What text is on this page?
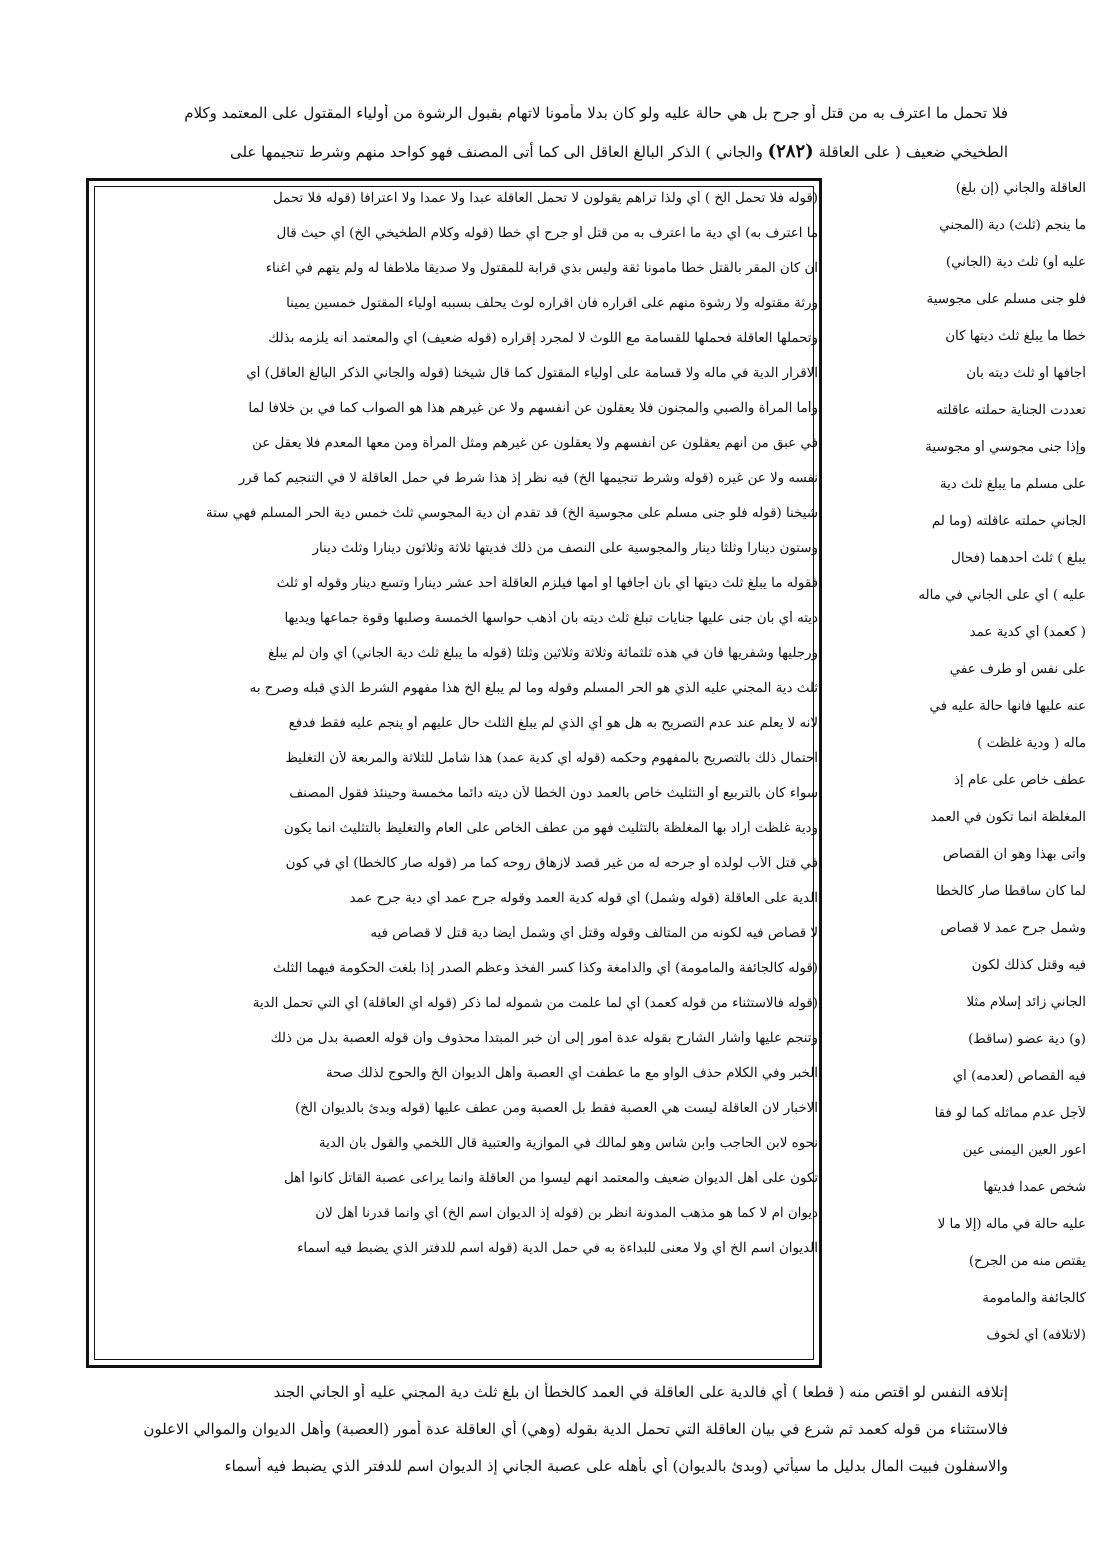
فلا تحمل ما اعترف به من قتل أو جرح بل هي حالة عليه ولو كان بدلا مأمونا لاتهام بقبول الرشوة من أولياء المقتول على المعتمد وكلام
الطخيخي ضعيف ( على العاقلة (٢٨٢) والجاني ) الذكر البالغ العاقل الى كما أتى المصنف فهو كواحد منهم وشرط تنجيمها على
(قوله فلا تحمل الخ ) أي ولذا تراهم يقولون لا تحمل العاقلة عبدا ولا عمدا ولا اعترافا (قوله فلا تحمل
ما اعترف به) أي دية ما اعترف به من قتل أو جرح أي خطأ (قوله وكلام الطخيخي الخ) أي حيث قال
ان كان المقر بالقتل خطأ مأمونا ثقة وليس بذي قرابة للمقتول ولا صديقا ملاطفا له ولم يتهم في اغناء
ورثة مقتوله ولا رشوة منهم على اقراره فان اقراره لوث يحلف بسببه أولياء المقتول خمسين يمينا
وتحملها العاقلة فحملها للقسامة مع اللوث لا لمجرد إقراره (قوله ضعيف) أي والمعتمد أنه يلزمه بذلك
الاقرار الدية في ماله ولا قسامة على أولياء المقتول كما قال شيخنا (قوله والجاني الذكر البالغ العاقل) أي
وأما المرأة والصبي والمجنون فلا يعقلون عن أنفسهم ولا عن غيرهم هذا هو الصواب كما في بن خلافا لما
في عبق من أنهم يعقلون عن أنفسهم ولا يعقلون عن غيرهم ومثل المرأة ومن معها المعدم فلا يعقل عن
نفسه ولا عن غيره (قوله وشرط تنجيمها الخ) فيه نظر إذ هذا شرط في حمل العاقلة لا في التنجيم كما قرر
شيخنا (قوله فلو جنى مسلم على مجوسية الخ) قد تقدم أن دية المجوسي ثلث خمس دية الحر المسلم فهي ستة
وستون دينارا وثلثا دينار والمجوسية على النصف من ذلك فديتها ثلاثة وثلاثون دينارا وثلث دينار
فقوله ما يبلغ ثلث ديتها أي بأن أجافها أو أمها فيلزم العاقلة أحد عشر دينارا وتسع دينار وقوله أو ثلث
ديته أي بأن جنى عليها جنايات تبلغ ثلث ديته بان أذهب حواسها الخمسة وصلبها وقوة جماعها ويديها
ورجليها وشفريها فان في هذه ثلثمائة وثلاثة وثلاثين وثلثا (قوله ما يبلغ ثلث دية الجاني) أي وان لم يبلغ
ثلث دية المجني عليه الذي هو الحر المسلم وقوله وما لم يبلغ الخ هذا مفهوم الشرط الذي قبله وصرح به
لانه لا يعلم عند عدم التصريح به هل هو أي الذي لم يبلغ الثلث حال عليهم أو ينجم عليه فقط فدفع
احتمال ذلك بالتصريح بالمفهوم وحكمه (قوله أي كدية عمد) هذا شامل للثلاثة والمربعة لأن التغليظ
سواء كان بالتربيع أو التثليث خاص بالعمد دون الخطأ لأن ديته دائما مخمسة وحينئذ فقول المصنف
ودية غلظت أراد بها المغلظة بالتثليث فهو من عطف الخاص على العام والتغليظ بالتثليث انما يكون
في قتل الأب لولده أو جرحه له من غير قصد لازهاق روحه كما مر (قوله صار كالخطأ) أي في كون
الدية على العاقلة (قوله وشمل) أي قوله كدية العمد وقوله جرح عمد أي دية جرح عمد
لا قصاص فيه لكونه من المتالف وقوله وقتل أي وشمل أيضا دية قتل لا قصاص فيه
(قوله كالجائفة والمأمومة) أي والدامغة وكذا كسر الفخذ وعظم الصدر إذا بلغت الحكومة فيهما الثلث
(قوله فالاستثناء من قوله كعمد) أي لما علمت من شموله لما ذكر (قوله أي العاقلة) أي التي تحمل الدية
وتنجم عليها وأشار الشارح بقوله عدة أمور إلى أن خبر المبتدأ محذوف وأن قوله العصبة بدل من ذلك
الخبر وفي الكلام حذف الواو مع ما عطفت أي العصبة وأهل الديوان الخ والحوج لذلك صحة
الاخبار لان العاقلة ليست هي العصبة فقط بل العصبة ومن عطف عليها (قوله وبدئ بالديوان الخ)
نحوه لابن الحاجب وابن شاس وهو لمالك في الموازية والعتبية قال اللخمي والقول بان الدية
تكون على أهل الديوان ضعيف والمعتمد انهم ليسوا من العاقلة وانما يراعى عصبة القاتل كانوا أهل
ديوان ام لا كما هو مذهب المدونة انظر بن (قوله إذ الديوان اسم الخ) أي وانما قدرنا أهل لان
الديوان اسم الخ أي ولا معنى للبداءة به في حمل الدية (قوله اسم للدفتر الذي يضبط فيه أسماء
العاقلة والجاني (إن بلغ)
ما ينجم (ثلث) دية (المجني
عليه أو) ثلث دية (الجاني)
فلو جنى مسلم على مجوسية
خطأ ما يبلغ ثلث ديتها كأن
أجافها أو ثلث ديته بأن
تعددت الجناية حملته عاقلته
وإذا جنى مجوسي أو مجوسية
على مسلم ما يبلغ ثلث دية
الجاني حملته عاقلته (وما لم
يبلغ ) ثلث أحدهما (فحال
عليه ) أي على الجاني في ماله
( كعمد) أي كدية عمد
على نفس أو طرف عفي
عنه عليها فانها حالة عليه في
ماله ( ودية غلظت )
عطف خاص على عام إذ
المغلظة انما تكون في العمد
وأتى بهذا وهو ان القصاص
لما كان ساقطا صار كالخطأ
وشمل جرح عمد لا قصاص
فيه وقتل كذلك لكون
الجاني زائد إسلام مثلا
(و) دية عضو (ساقط)
فيه القصاص (لعدمه) أي
لأجل عدم مماثله كما لو فقأ
أعور العين اليمنى عين
شخص عمدا فديتها
عليه حالة في ماله (إلا ما لا
يقتص منه من الجرح)
كالجائفة والمأمومة
(لاتلافه) أي لخوف
إتلافه النفس لو اقتص منه ( قطعا ) أي فالدية على العاقلة في العمد كالخطأ ان بلغ ثلث دية المجني عليه أو الجاني الجند
فالاستثناء من قوله كعمد ثم شرع في بيان العاقلة التي تحمل الدية بقوله (وهي) أي العاقلة عدة أمور (العصبة) وأهل الديوان والموالي الاعلون
والاسفلون فبيت المال بدليل ما سيأتي (وبدئ بالديوان) أي بأهله على عصبة الجاني إذ الديوان اسم للدفتر الذي يضبط فيه أسماء
